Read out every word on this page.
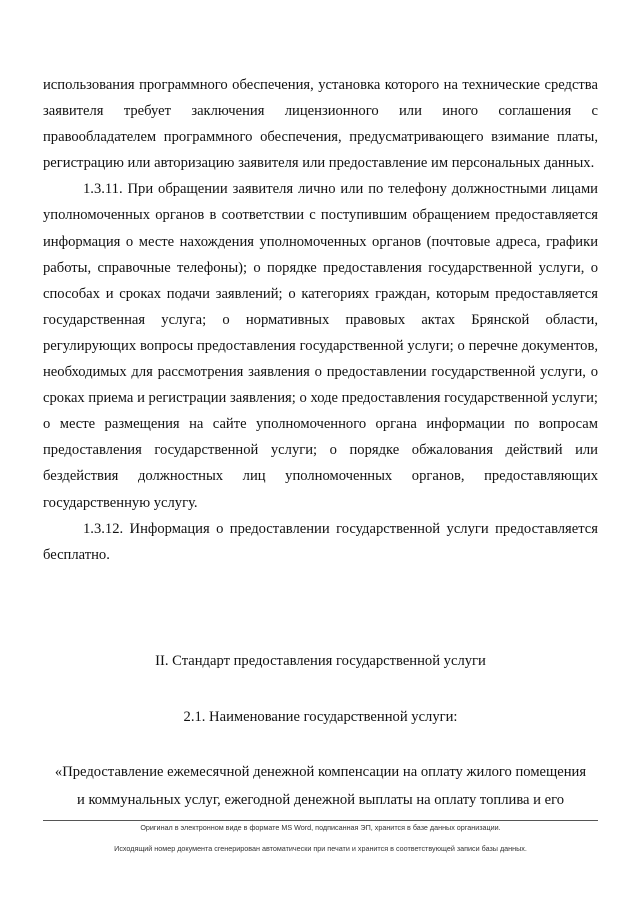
использования программного обеспечения, установка которого на технические средства заявителя требует заключения лицензионного или иного соглашения с правообладателем программного обеспечения, предусматривающего взимание платы, регистрацию или авторизацию заявителя или предоставление им персональных данных.

1.3.11. При обращении заявителя лично или по телефону должностными лицами уполномоченных органов в соответствии с поступившим обращением предоставляется информация о месте нахождения уполномоченных органов (почтовые адреса, графики работы, справочные телефоны); о порядке предоставления государственной услуги, о способах и сроках подачи заявлений; о категориях граждан, которым предоставляется государственная услуга; о нормативных правовых актах Брянской области, регулирующих вопросы предоставления государственной услуги; о перечне документов, необходимых для рассмотрения заявления о предоставлении государственной услуги, о сроках приема и регистрации заявления; о ходе предоставления государственной услуги; о месте размещения на сайте уполномоченного органа информации по вопросам предоставления государственной услуги; о порядке обжалования действий или бездействия должностных лиц уполномоченных органов, предоставляющих государственную услугу.

1.3.12. Информация о предоставлении государственной услуги предоставляется бесплатно.

II. Стандарт предоставления государственной услуги

2.1. Наименование государственной услуги:

«Предоставление ежемесячной денежной компенсации на оплату жилого помещения
и коммунальных услуг, ежегодной денежной выплаты на оплату топлива и его

Оригинал в электронном виде в формате MS Word, подписанная ЭП, хранится в базе данных организации.

Исходящий номер документа сгенерирован автоматически при печати и хранится в соответствующей записи базы данных.
